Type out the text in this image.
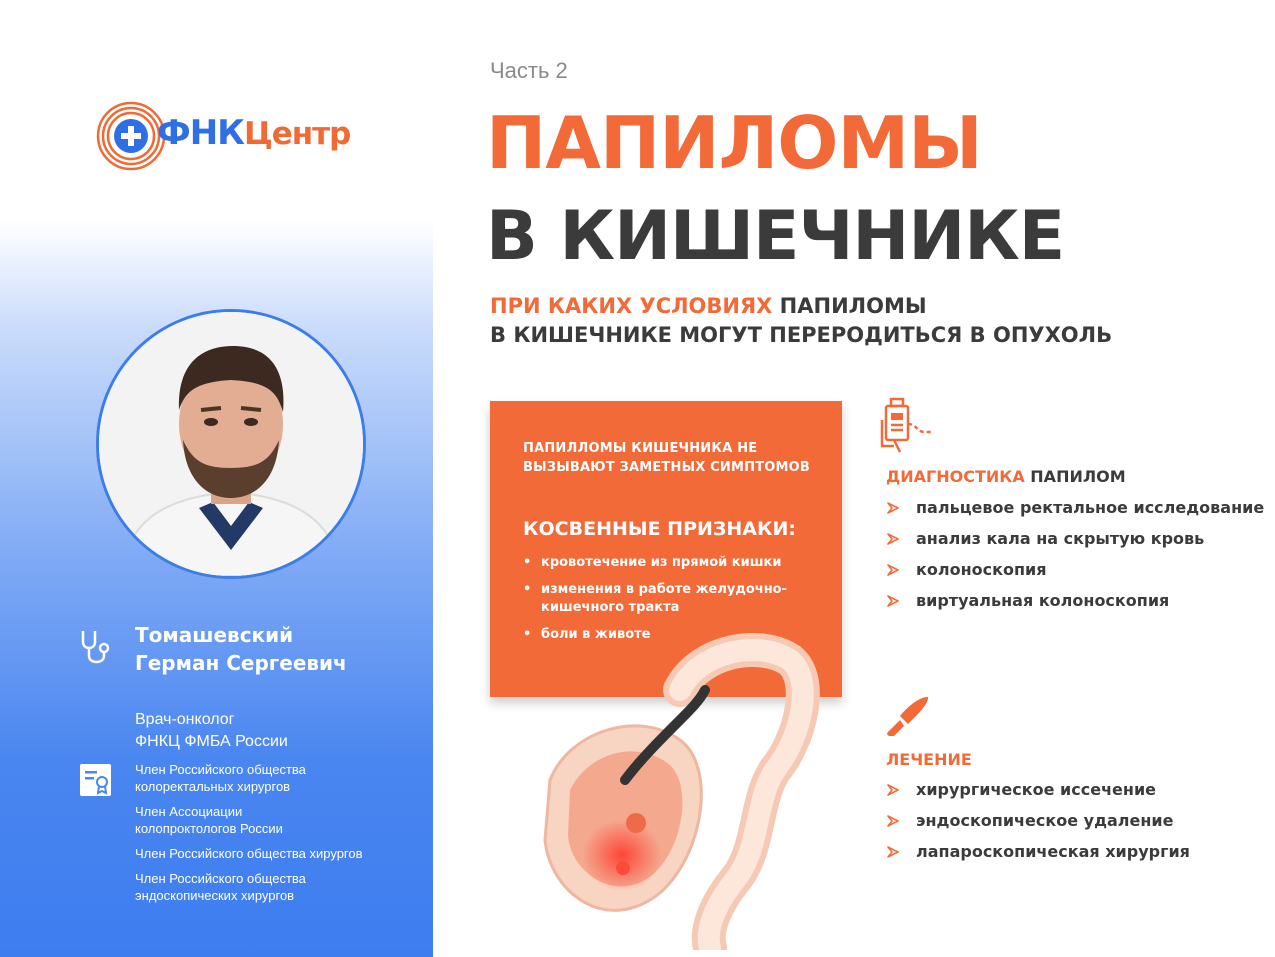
ФНКЦентр
Томашевский
Герман Сергеевич
Врач-онколог
ФНКЦ ФМБА России
Член Российского общества
колоректальных хирургов
Член Ассоциации
колопроктологов России
Член Российского общества хирургов
Член Российского общества
эндоскопических хирургов
Часть 2
ПАПИЛОМЫ
В КИШЕЧНИКЕ
ПРИ КАКИХ УСЛОВИЯХ ПАПИЛОМЫ
В КИШЕЧНИКЕ МОГУТ ПЕРЕРОДИТЬСЯ В ОПУХОЛЬ
ПАПИЛЛОМЫ КИШЕЧНИКА НЕ ВЫЗЫВАЮТ ЗАМЕТНЫХ СИМПТОМОВ
КОСВЕННЫЕ ПРИЗНАКИ:
• кровотечение из прямой кишки
• изменения в работе желудочно-кишечного тракта
• боли в животе
ДИАГНОСТИКА ПАПИЛОМ
пальцевое ректальное исследование
анализ кала на скрытую кровь
колоноскопия
виртуальная колоноскопия
ЛЕЧЕНИЕ
хирургическое иссечение
эндоскопическое удаление
лапароскопическая хирургия
